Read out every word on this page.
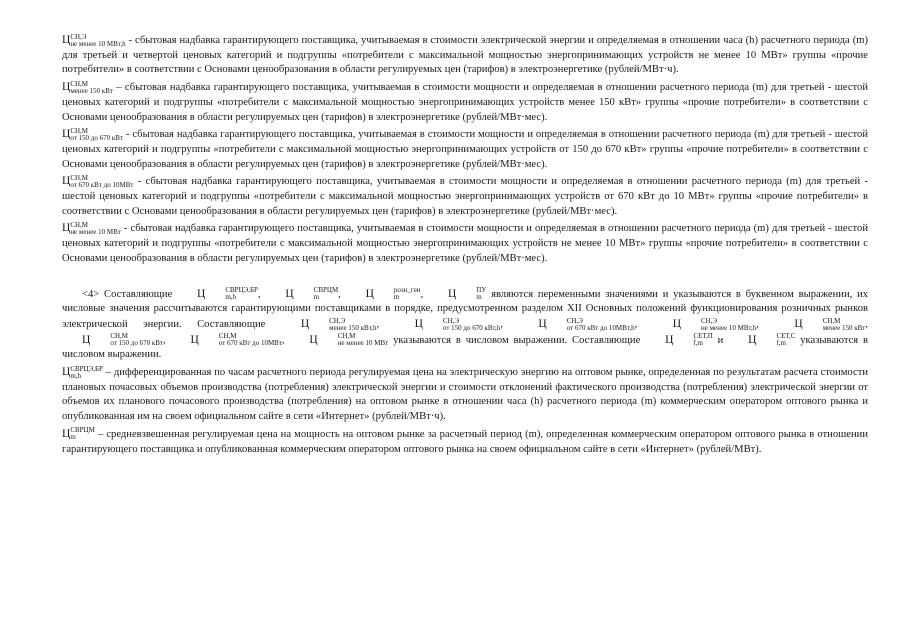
Ц СН,Э
не менее 10 МВт,h - сбытовая надбавка гарантирующего поставщика, учитываемая в стоимости электрической энергии и определяемая в отношении часа (h) расчетного периода (m) для третьей и четвертой ценовых категорий и подгруппы «потребители с максимальной мощностью энергопринимающих устройств не менее 10 МВт» группы «прочие потребители» в соответствии с Основами ценообразования в области регулируемых цен (тарифов) в электроэнергетике (рублей/МВт·ч).

Ц СН,М
менее 150 кВт – сбытовая надбавка гарантирующего поставщика, учитываемая в стоимости мощности и определяемая в отношении расчетного периода (m) для третьей - шестой ценовых категорий и подгруппы «потребители с максимальной мощностью энергопринимающих устройств менее 150 кВт» группы «прочие потребители» в соответствии с Основами ценообразования в области регулируемых цен (тарифов) в электроэнергетике (рублей/МВт·мес).

Ц СН,М
от 150 до 670 кВт - сбытовая надбавка гарантирующего поставщика, учитываемая в стоимости мощности и определяемая в отношении расчетного периода (m) для третьей - шестой ценовых категорий и подгруппы «потребители с максимальной мощностью энергопринимающих устройств от 150 до 670 кВт» группы «прочие потребители» в соответствии с Основами ценообразования в области регулируемых цен (тарифов) в электроэнергетике (рублей/МВт·мес).

Ц СН,М
от 670 кВт до 10МВт - сбытовая надбавка гарантирующего поставщика, учитываемая в стоимости мощности и определяемая в отношении расчетного периода (m) для третьей - шестой ценовых категорий и подгруппы «потребители с максимальной мощностью энергопринимающих устройств от 670 кВт до 10 МВт» группы «прочие потребители» в соответствии с Основами ценообразования в области регулируемых цен (тарифов) в электроэнергетике (рублей/МВт·мес).

Ц СН,М
не менее 10 МВт - сбытовая надбавка гарантирующего поставщика, учитываемая в стоимости мощности и определяемая в отношении расчетного периода (m) для третьей - шестой ценовых категорий и подгруппы «потребители с максимальной мощностью энергопринимающих устройств не менее 10 МВт» группы «прочие потребители» в соответствии с Основами ценообразования в области регулируемых цен (тарифов) в электроэнергетике (рублей/МВт·мес).

<4> Составляющие Ц	СВРЦЭ,БР
m,h	, Ц	СВРЦМ
m	, Ц	розн_ген
m	, Ц	ПУ
m являются переменными значениями и указываются в буквенном выражении, их числовые значения рассчитываются гарантирующими поставщиками в порядке, предусмотренном разделом XII Основных положений функционирования розничных рынков электрической энергии. Составляющие Ц	СН,Э
менее 150 кВт,h , Ц	СН,Э
от 150 до 670 кВт,h , Ц	СН,Э
от 670 кВт до 10МВт,h , Ц	СН,Э
не менее 10 МВт,h , Ц	СН,М
менее 150 кВт , Ц	СН,М
от 150 до 670 кВт , Ц	СН,М
от 670 кВт до 10МВт , Ц	СН,М
не менее 10 МВт указываются в числовом выражении. Составляющие Ц	СЕТ,П
f,m и Ц	СЕТ,С
f,m указываются в числовом выражении.

Ц СВРЦЭ,БР
m,h	– дифференцированная по часам расчетного периода регулируемая цена на электрическую энергию на оптовом рынке, определенная по результатам расчета стоимости плановых почасовых объемов производства (потребления) электрической энергии и стоимости отклонений фактического производства (потребления) электрической энергии от объемов их планового почасового производства (потребления) на оптовом рынке в отношении часа (h) расчетного периода (m) коммерческим оператором оптового рынка и опубликованная им на своем официальном сайте в сети «Интернет» (рублей/МВт·ч).

Ц СВРЦМ
m	– средневзвешенная регулируемая цена на мощность на оптовом рынке за расчетный период (m), определенная коммерческим оператором оптового рынка в отношении гарантирующего поставщика и опубликованная коммерческим оператором оптового рынка на своем официальном сайте в сети «Интернет» (рублей/МВт).
